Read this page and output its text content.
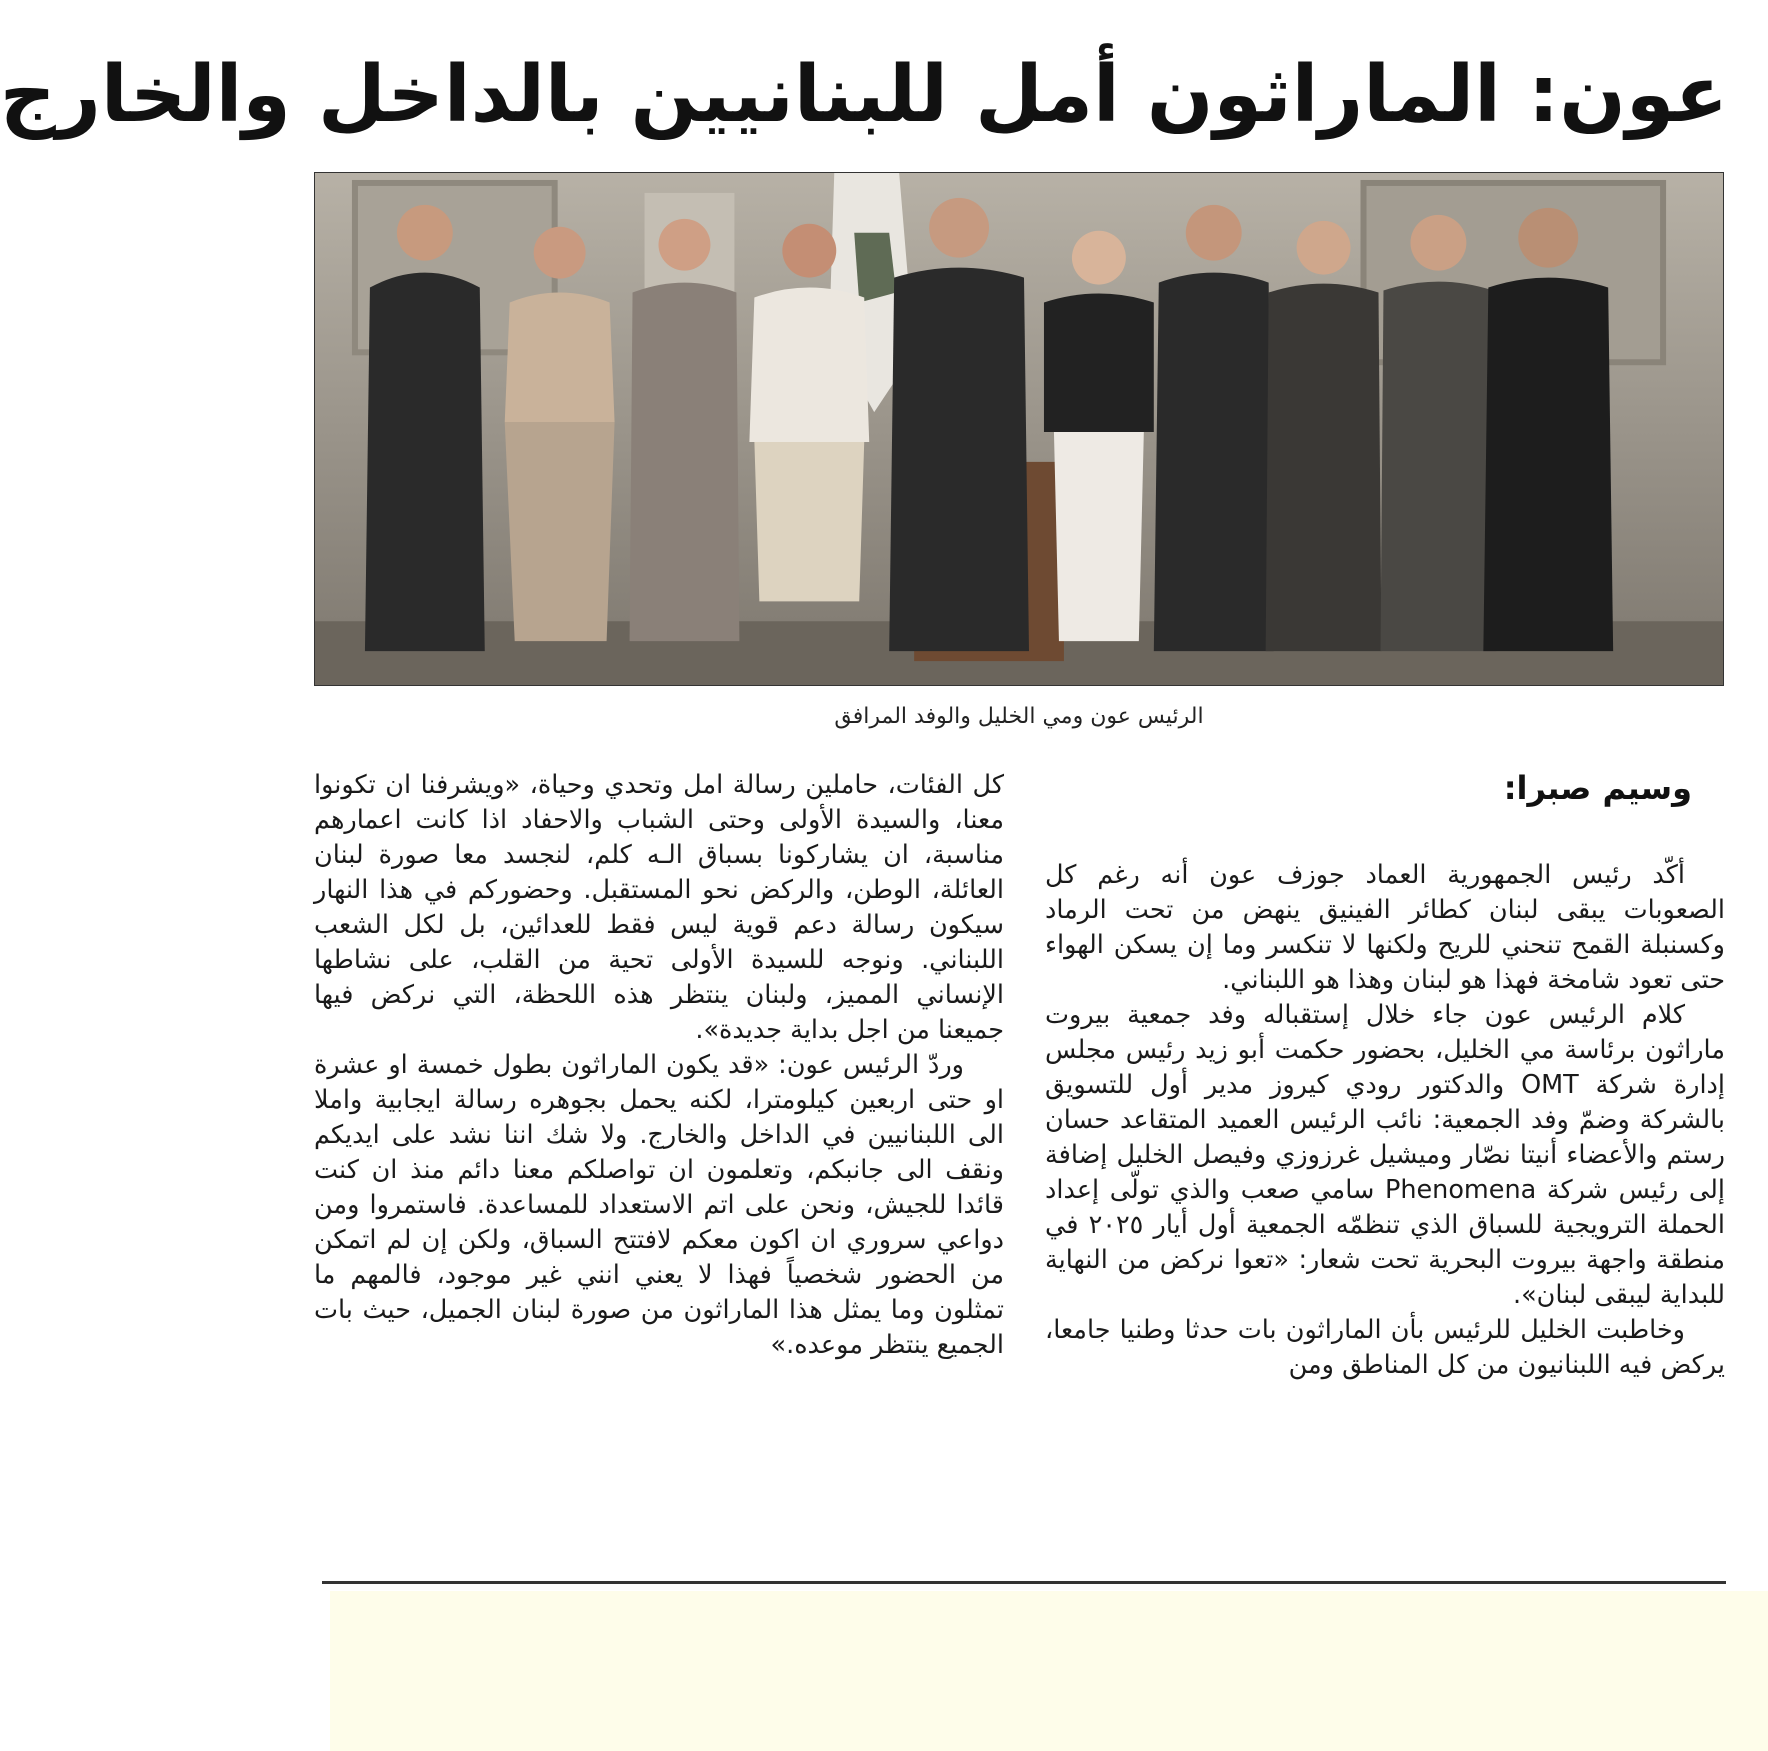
عون: الماراثون أمل للبنانيين بالداخل والخارج

الرئيس عون ومي الخليل والوفد المرافق

وسيم صبرا:

أكّد رئيس الجمهورية العماد جوزف عون أنه رغم كل الصعوبات يبقى لبنان كطائر الفينيق ينهض من تحت الرماد وكسنبلة القمح تنحني للريح ولكنها لا تنكسر وما إن يسكن الهواء حتى تعود شامخة فهذا هو لبنان وهذا هو اللبناني.

كلام الرئيس عون جاء خلال إستقباله وفد جمعية بيروت ماراثون برئاسة مي الخليل، بحضور حكمت أبو زيد رئيس مجلس إدارة شركة OMT والدكتور رودي كيروز مدير أول للتسويق بالشركة وضمّ وفد الجمعية: نائب الرئيس العميد المتقاعد حسان رستم والأعضاء أنيتا نصّار وميشيل غرزوزي وفيصل الخليل إضافة إلى رئيس شركة Phenomena سامي صعب والذي تولّى إعداد الحملة الترويجية للسباق الذي تنظمّه الجمعية أول أيار ٢٠٢٥ في منطقة واجهة بيروت البحرية تحت شعار: «تعوا نركض من النهاية للبداية ليبقى لبنان».

وخاطبت الخليل للرئيس بأن الماراثون بات حدثا وطنيا جامعا، يركض فيه اللبنانيون من كل المناطق ومن

كل الفئات، حاملين رسالة امل وتحدي وحياة، «ويشرفنا ان تكونوا معنا، والسيدة الأولى وحتى الشباب والاحفاد اذا كانت اعمارهم مناسبة، ان يشاركونا بسباق الـه كلم، لنجسد معا صورة لبنان العائلة، الوطن، والركض نحو المستقبل. وحضوركم في هذا النهار سيكون رسالة دعم قوية ليس فقط للعدائين، بل لكل الشعب اللبناني. ونوجه للسيدة الأولى تحية من القلب، على نشاطها الإنساني المميز، ولبنان ينتظر هذه اللحظة، التي نركض فيها جميعنا من اجل بداية جديدة».

وردّ الرئيس عون: «قد يكون الماراثون بطول خمسة او عشرة او حتى اربعين كيلومترا، لكنه يحمل بجوهره رسالة ايجابية واملا الى اللبنانيين في الداخل والخارج. ولا شك اننا نشد على ايديكم ونقف الى جانبكم، وتعلمون ان تواصلكم معنا دائم منذ ان كنت قائدا للجيش، ونحن على اتم الاستعداد للمساعدة. فاستمروا ومن دواعي سروري ان اكون معكم لافتتح السباق، ولكن إن لم اتمكن من الحضور شخصياً فهذا لا يعني انني غير موجود، فالمهم ما تمثلون وما يمثل هذا الماراثون من صورة لبنان الجميل، حيث بات الجميع ينتظر موعده.»
